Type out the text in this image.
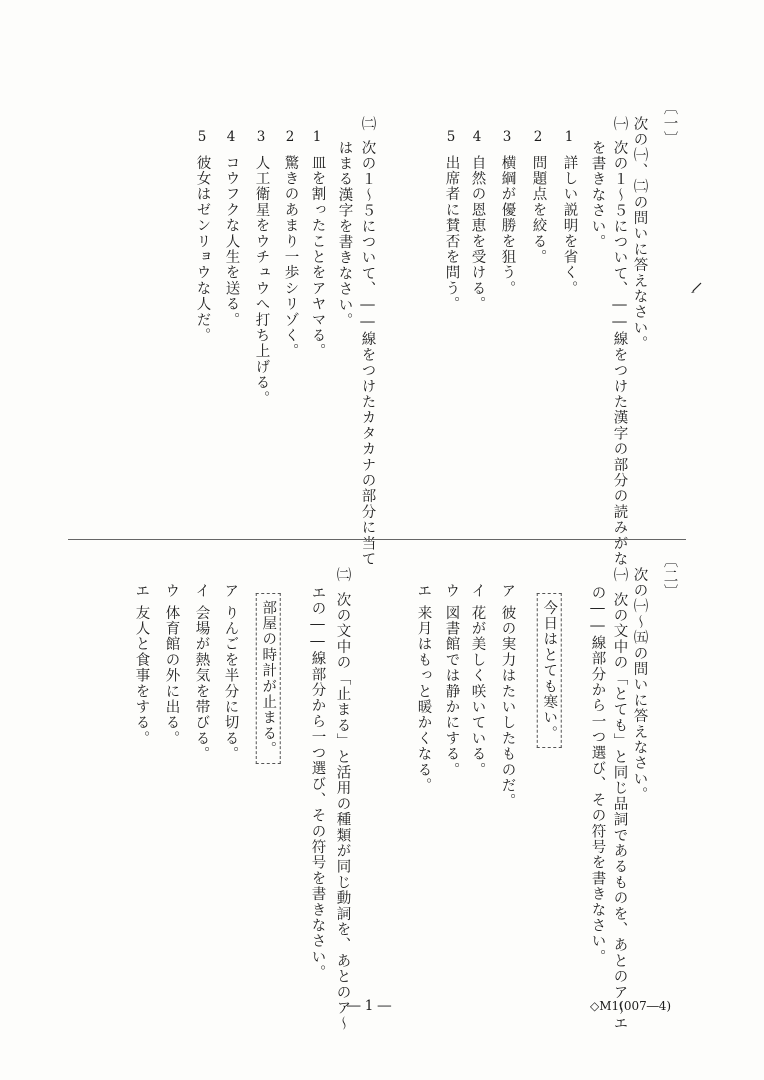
〔一〕
次の㈠、㈡の問いに答えなさい。
㈠
次の１～５について、――線をつけた漢字の部分の読みがな
を書きなさい。
1
詳しい説明を省く。
2
問題点を絞る。
3
横綱が優勝を狙う。
4
自然の恩恵を受ける。
5
出席者に賛否を問う。
㈡
次の１～５について、――線をつけたカタカナの部分に当て
はまる漢字を書きなさい。
1
皿を割ったことをアヤマる。
2
驚きのあまり一歩シリゾく。
3
人工衛星をウチュウへ打ち上げる。
4
コウフクな人生を送る。
5
彼女はゼンリョウな人だ。
〔二〕
次の㈠～㈤の問いに答えなさい。
㈠
次の文中の「とても」と同じ品詞であるものを、あとのア～エ
の――線部分から一つ選び、その符号を書きなさい。
今日はとても寒い。
ア
彼の実力はたいしたものだ。
イ
花が美しく咲いている。
ウ
図書館では静かにする。
エ
来月はもっと暖かくなる。
㈡
次の文中の「止まる」と活用の種類が同じ動詞を、あとのア～
エの――線部分から一つ選び、その符号を書きなさい。
部屋の時計が止まる。
ア
りんごを半分に切る。
イ
会場が熱気を帯びる。
ウ
体育館の外に出る。
エ
友人と食事をする。
― 1 ―	◇M1(007―4)
